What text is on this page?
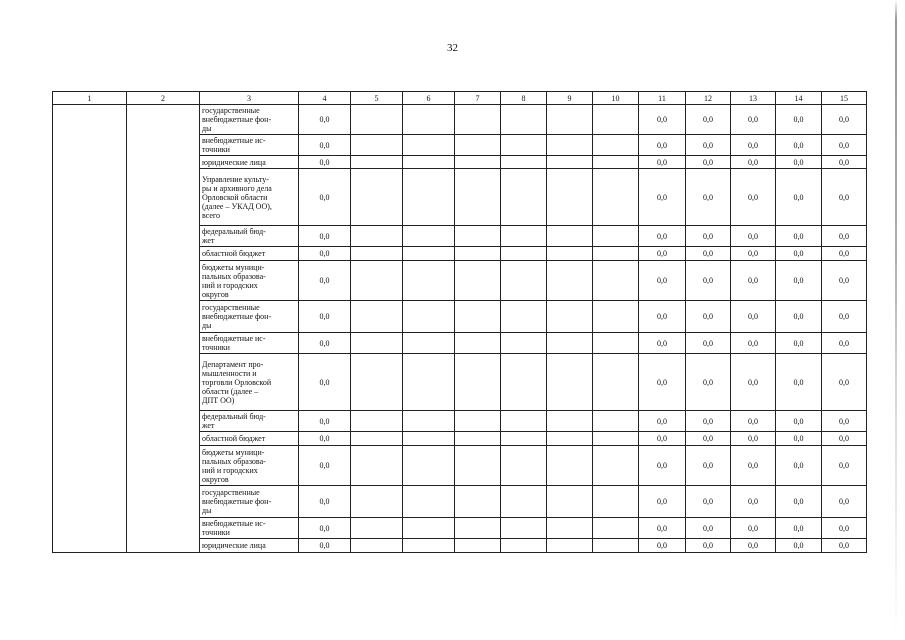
32
1	2	3	4	5	6	7	8	9	10	11	12	13	14	15

		государственные
внебюджетные фон-
ды	0,0							0,0	0,0	0,0	0,0	0,0

		внебюджетные ис-
точники	0,0							0,0	0,0	0,0	0,0	0,0

		юридические лица	0,0							0,0	0,0	0,0	0,0	0,0

		Управление культу-
ры и архивного дела
Орловской области
(далее – УКАД ОО),
всего	0,0							0,0	0,0	0,0	0,0	0,0

		федеральный бюд-
жет	0,0							0,0	0,0	0,0	0,0	0,0

		областной бюджет	0,0							0,0	0,0	0,0	0,0	0,0

		бюджеты муници-
пальных образова-
ний и городских
округов	0,0							0,0	0,0	0,0	0,0	0,0

		государственные
внебюджетные фон-
ды	0,0							0,0	0,0	0,0	0,0	0,0

		внебюджетные ис-
точники	0,0							0,0	0,0	0,0	0,0	0,0

		Департамент про-
мышленности и
торговли Орловской
области (далее –
ДПТ ОО)	0,0							0,0	0,0	0,0	0,0	0,0

		федеральный бюд-
жет	0,0							0,0	0,0	0,0	0,0	0,0

		областной бюджет	0,0							0,0	0,0	0,0	0,0	0,0

		бюджеты муници-
пальных образова-
ний и городских
округов	0,0							0,0	0,0	0,0	0,0	0,0

		государственные
внебюджетные фон-
ды	0,0							0,0	0,0	0,0	0,0	0,0

		внебюджетные ис-
точники	0,0							0,0	0,0	0,0	0,0	0,0

		юридические лица	0,0							0,0	0,0	0,0	0,0	0,0
